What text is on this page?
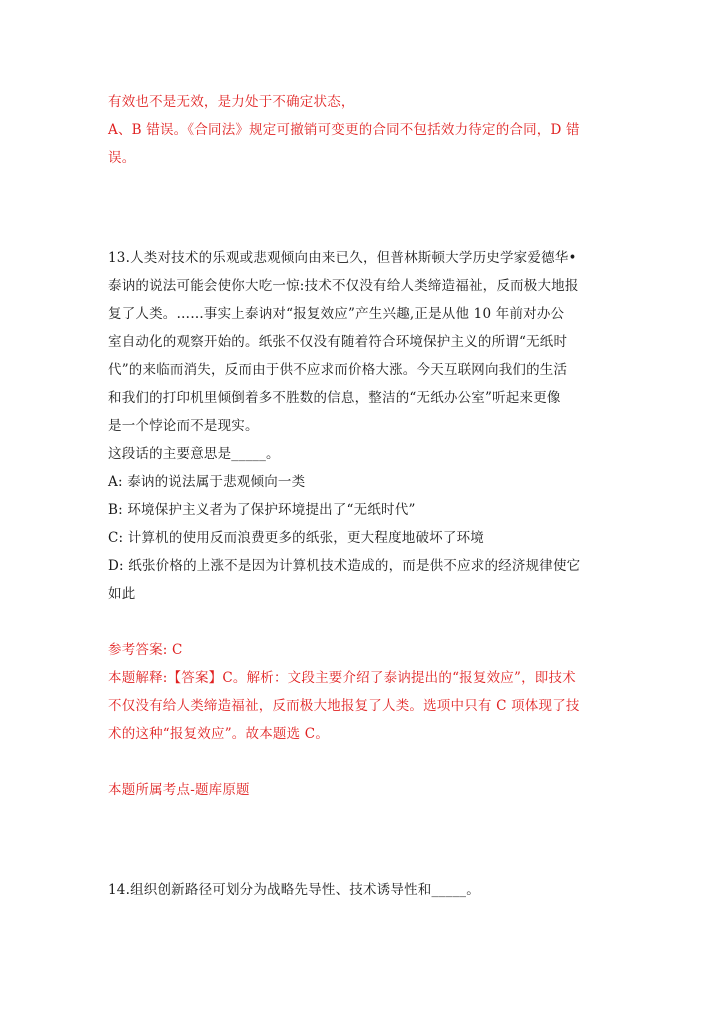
有效也不是无效，是力处于不确定状态，

A、B 错误。《合同法》规定可撤销可变更的合同不包括效力待定的合同，D 错

误。

13.人类对技术的乐观或悲观倾向由来已久，但普林斯顿大学历史学家爱德华•

泰讷的说法可能会使你大吃一惊:技术不仅没有给人类缔造福祉，反而极大地报

复了人类。……事实上泰讷对“报复效应”产生兴趣,正是从他 10 年前对办公

室自动化的观察开始的。纸张不仅没有随着符合环境保护主义的所谓“无纸时

代”的来临而消失，反而由于供不应求而价格大涨。今天互联网向我们的生活

和我们的打印机里倾倒着多不胜数的信息，整洁的“无纸办公室”听起来更像

是一个悖论而不是现实。

这段话的主要意思是_____。

A: 泰讷的说法属于悲观倾向一类

B: 环境保护主义者为了保护环境提出了“无纸时代”

C: 计算机的使用反而浪费更多的纸张，更大程度地破坏了环境

D: 纸张价格的上涨不是因为计算机技术造成的，而是供不应求的经济规律使它

如此

参考答案: C

本题解释:【答案】C。解析：文段主要介绍了泰讷提出的“报复效应”，即技术

不仅没有给人类缔造福祉，反而极大地报复了人类。选项中只有 C 项体现了技

术的这种“报复效应”。故本题选 C。

本题所属考点-题库原题

14.组织创新路径可划分为战略先导性、技术诱导性和_____。
